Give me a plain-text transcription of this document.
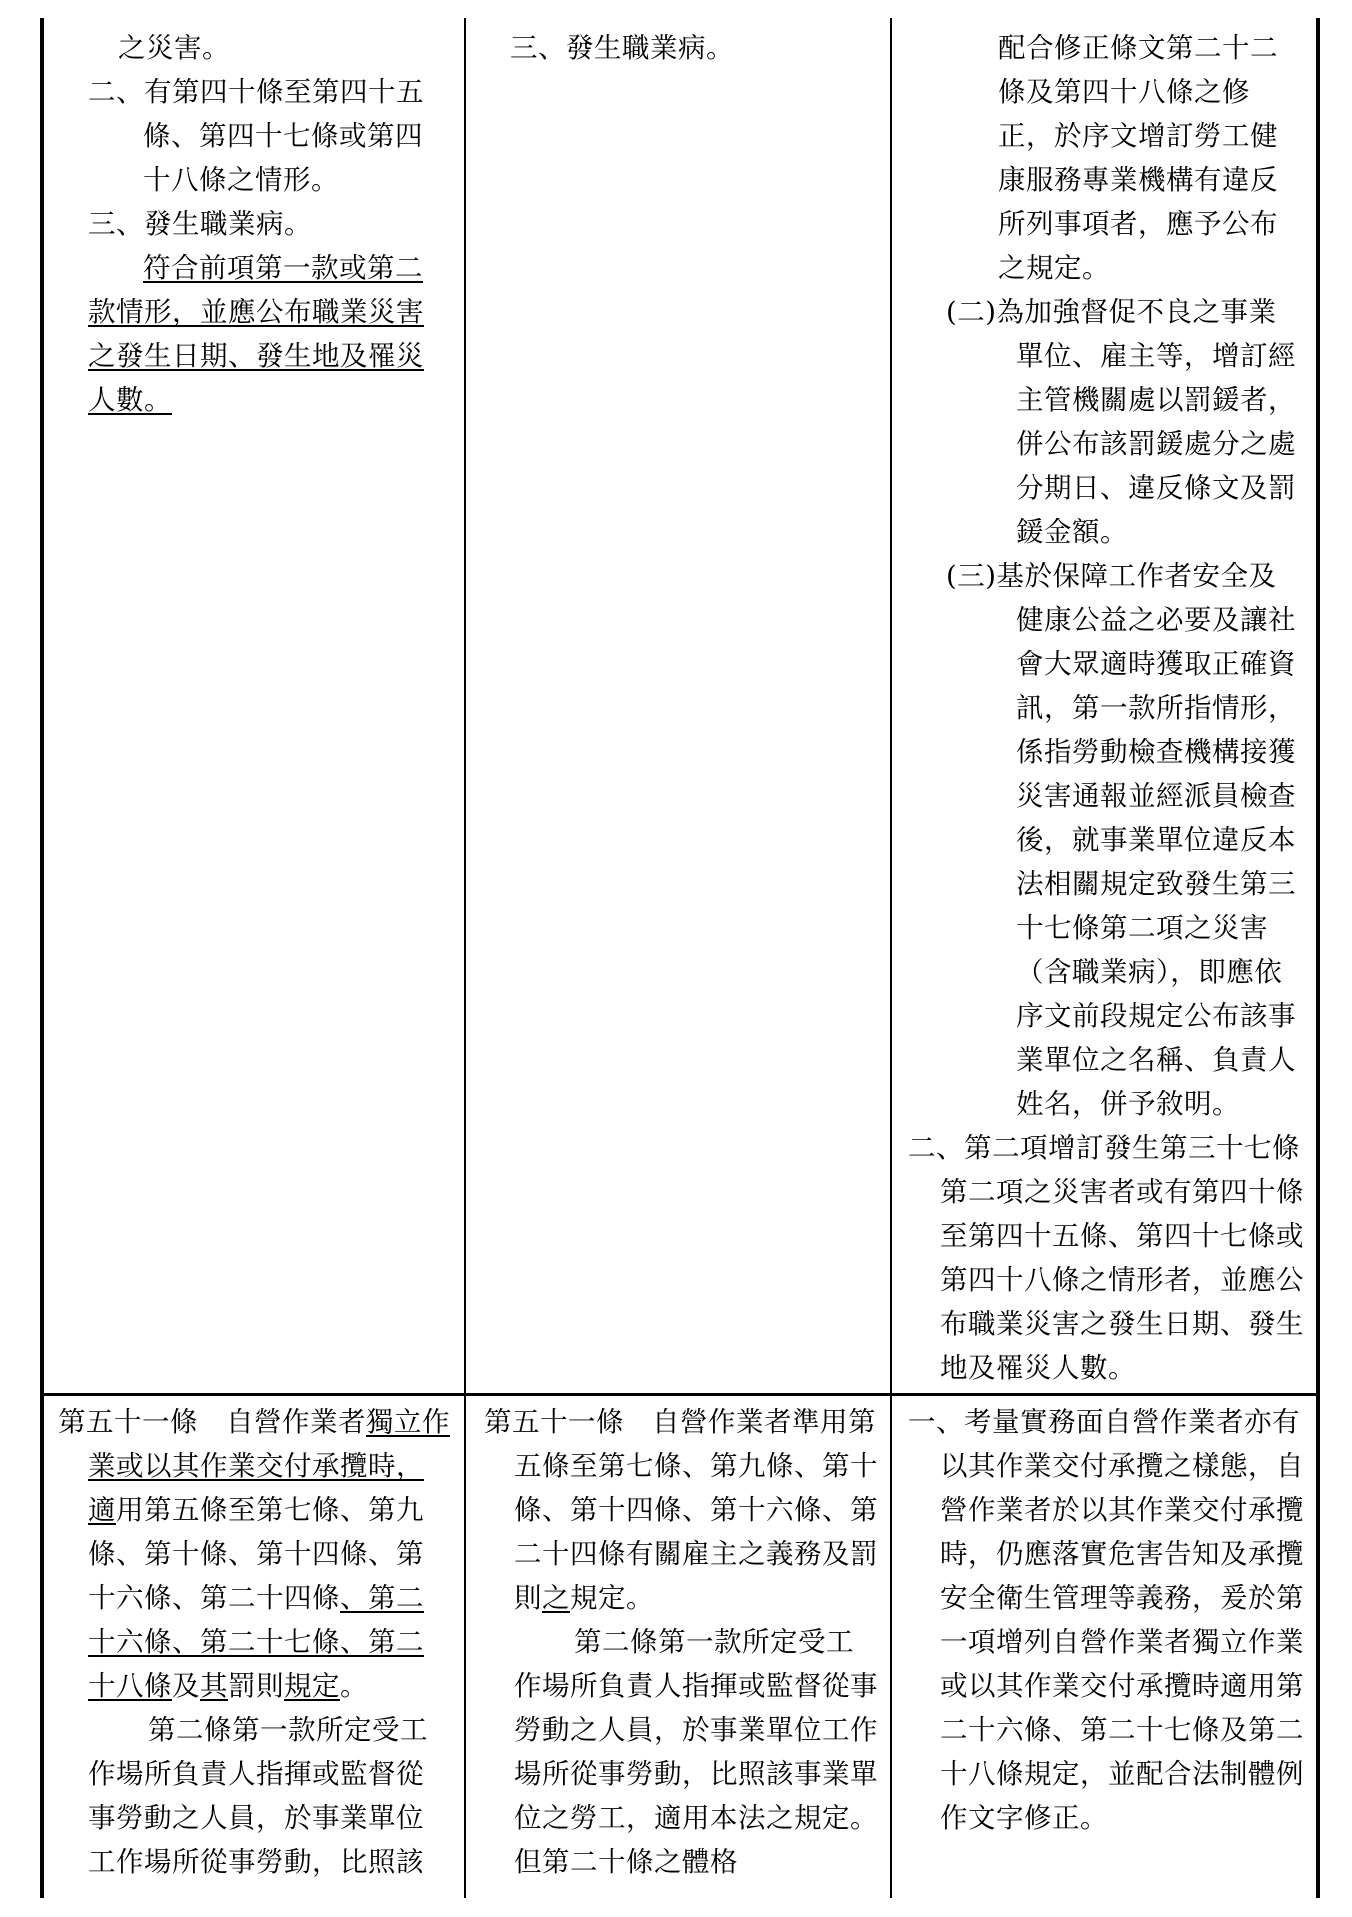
之災害。

二、有第四十條至第四十五條、第四十七條或第四十八條之情形。

三、發生職業病。

符合前項第一款或第二款情形，並應公布職業災害之發生日期、發生地及罹災人數。

三、發生職業病。	配合修正條文第二十二條及第四十八條之修正，於序文增訂勞工健康服務專業機構有違反所列事項者，應予公布之規定。

(二)為加強督促不良之事業單位、雇主等，增訂經主管機關處以罰鍰者，併公布該罰鍰處分之處分期日、違反條文及罰鍰金額。

(三)基於保障工作者安全及健康公益之必要及讓社會大眾適時獲取正確資訊，第一款所指情形，係指勞動檢查機構接獲災害通報並經派員檢查後，就事業單位違反本法相關規定致發生第三十七條第二項之災害（含職業病），即應依序文前段規定公布該事業單位之名稱、負責人姓名，併予敘明。

二、第二項增訂發生第三十七條第二項之災害者或有第四十條至第四十五條、第四十七條或第四十八條之情形者，並應公布職業災害之發生日期、發生地及罹災人數。

第五十一條　自營作業者獨立作業或以其作業交付承攬時，適用第五條至第七條、第九條、第十條、第十四條、第十六條、第二十四條、第二十六條、第二十七條、第二十八條及其罰則規定。

第二條第一款所定受工作場所負責人指揮或監督從事勞動之人員，於事業單位工作場所從事勞動，比照該

第五十一條　自營作業者準用第五條至第七條、第九條、第十條、第十四條、第十六條、第二十四條有關雇主之義務及罰則之規定。

第二條第一款所定受工作場所負責人指揮或監督從事勞動之人員，於事業單位工作場所從事勞動，比照該事業單位之勞工，適用本法之規定。但第二十條之體格

一、考量實務面自營作業者亦有以其作業交付承攬之樣態，自營作業者於以其作業交付承攬時，仍應落實危害告知及承攬安全衛生管理等義務，爰於第一項增列自營作業者獨立作業或以其作業交付承攬時適用第二十六條、第二十七條及第二十八條規定，並配合法制體例作文字修正。
